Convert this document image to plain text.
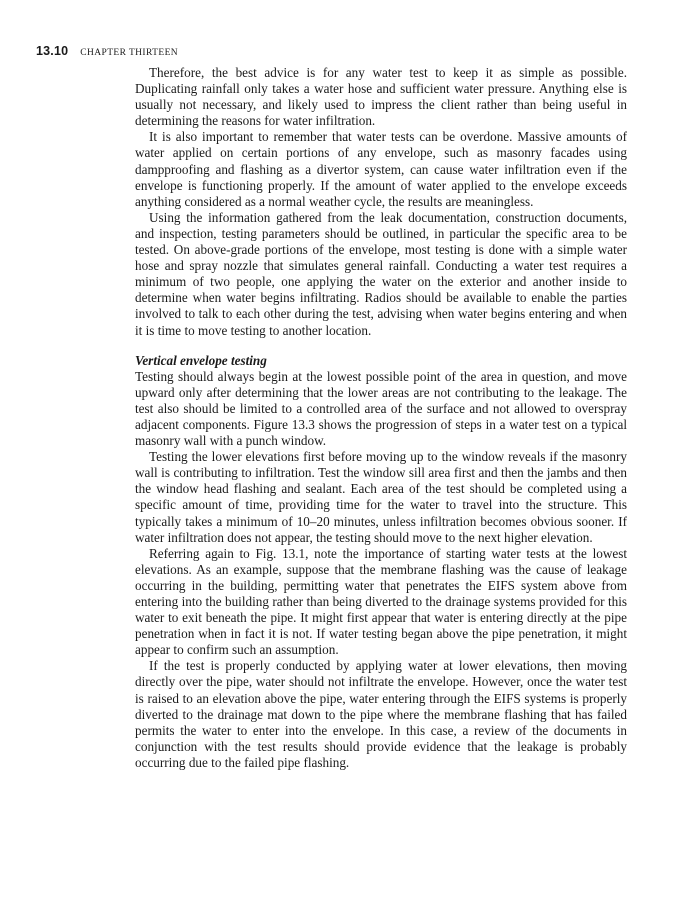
13.10 CHAPTER THIRTEEN

Therefore, the best advice is for any water test to keep it as simple as possible. Duplicating rainfall only takes a water hose and sufficient water pressure. Anything else is usually not necessary, and likely used to impress the client rather than being useful in determining the reasons for water infiltration.

It is also important to remember that water tests can be overdone. Massive amounts of water applied on certain portions of any envelope, such as masonry facades using dampproofing and flashing as a divertor system, can cause water infiltration even if the envelope is functioning properly. If the amount of water applied to the envelope exceeds anything considered as a normal weather cycle, the results are meaningless.

Using the information gathered from the leak documentation, construction documents, and inspection, testing parameters should be outlined, in particular the specific area to be tested. On above-grade portions of the envelope, most testing is done with a simple water hose and spray nozzle that simulates general rainfall. Conducting a water test requires a minimum of two people, one applying the water on the exterior and another inside to determine when water begins infiltrating. Radios should be available to enable the parties involved to talk to each other during the test, advising when water begins entering and when it is time to move testing to another location.

Vertical envelope testing

Testing should always begin at the lowest possible point of the area in question, and move upward only after determining that the lower areas are not contributing to the leakage. The test also should be limited to a controlled area of the surface and not allowed to overspray adjacent components. Figure 13.3 shows the progression of steps in a water test on a typical masonry wall with a punch window.

Testing the lower elevations first before moving up to the window reveals if the masonry wall is contributing to infiltration. Test the window sill area first and then the jambs and then the window head flashing and sealant. Each area of the test should be completed using a specific amount of time, providing time for the water to travel into the structure. This typically takes a minimum of 10–20 minutes, unless infiltration becomes obvious sooner. If water infiltration does not appear, the testing should move to the next higher elevation.

Referring again to Fig. 13.1, note the importance of starting water tests at the lowest elevations. As an example, suppose that the membrane flashing was the cause of leakage occurring in the building, permitting water that penetrates the EIFS system above from entering into the building rather than being diverted to the drainage systems provided for this water to exit beneath the pipe. It might first appear that water is entering directly at the pipe penetration when in fact it is not. If water testing began above the pipe penetration, it might appear to confirm such an assumption.

If the test is properly conducted by applying water at lower elevations, then moving directly over the pipe, water should not infiltrate the envelope. However, once the water test is raised to an elevation above the pipe, water entering through the EIFS systems is properly diverted to the drainage mat down to the pipe where the membrane flashing that has failed permits the water to enter into the envelope. In this case, a review of the documents in conjunction with the test results should provide evidence that the leakage is probably occurring due to the failed pipe flashing.
